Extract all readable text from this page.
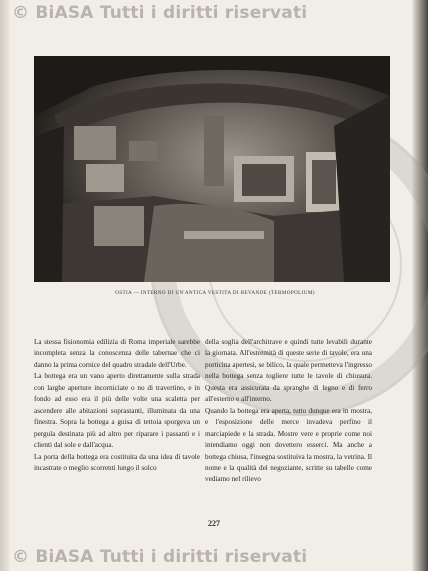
© BiASA Tutti i diritti riservati
OSTIA — INTERNO DI UN'ANTICA VESTITA DI BEVANDE (TERMOPOLIUM)

La stessa fisionomia edilizia di Roma imperiale sarebbe incompleta senza la conoscenza delle tabernae che ci danno la prima cornice del quadro stradale dell'Urbe.

La bottega era un vano aperto direttamente sulla strada con larghe aperture incorniciate o no di travertino, e in fondo ad esso era il più delle volte una scaletta per ascendere alle abitazioni soprastanti, illuminata da una finestra. Sopra la bottega a guisa di tettoia sporgeva un pergula destinata più ad altro per riparare i passanti e i clienti dal sole e dall'acqua.

La porta della bottega era costituita da una idea di tavole incastrate o meglio scorrenti lungo il solco

della soglia dell'architrave e quindi tutte levabili durante la giornata. All'estremità di queste serie di tavole, era una porticina apertesi, se bilico, la quale permetteva l'ingresso nella bottega senza togliere tutte le tavole di chiusura. Questa era assicurata da spranghe di legno e di ferro all'esterno e all'interno.

Quando la bottega era aperta, tutto dunque era in mostra, e l'esposizione delle merce invadeva perfino il marciapiede e la strada. Mostre vere e proprie come noi intendiamo oggi non dovettero esserci. Ma anche a bottega chiusa, l'insegna sostituiva la mostra, la vetrina. Il nome e la qualità del negoziante, scritte su tabelle come vediamo nel rilievo

227
© BiASA Tutti i diritti riservati
